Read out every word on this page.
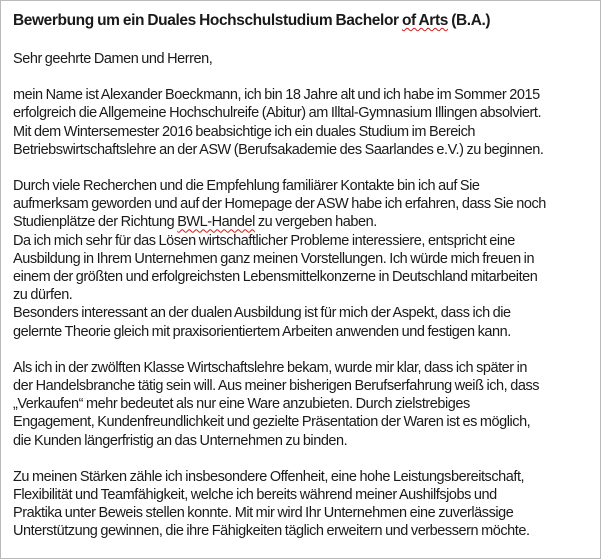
Bewerbung um ein Duales Hochschulstudium Bachelor of Arts (B.A.)
Sehr geehrte Damen und Herren,
mein Name ist Alexander Boeckmann, ich bin 18 Jahre alt und ich habe im Sommer 2015
erfolgreich die Allgemeine Hochschulreife (Abitur) am Illtal-Gymnasium Illingen absolviert.
Mit dem Wintersemester 2016 beabsichtige ich ein duales Studium im Bereich
Betriebswirtschaftslehre an der ASW (Berufsakademie des Saarlandes e.V.) zu beginnen.
Durch viele Recherchen und die Empfehlung familiärer Kontakte bin ich auf Sie
aufmerksam geworden und auf der Homepage der ASW habe ich erfahren, dass Sie noch
Studienplätze der Richtung BWL-Handel zu vergeben haben.
Da ich mich sehr für das Lösen wirtschaftlicher Probleme interessiere, entspricht eine
Ausbildung in Ihrem Unternehmen ganz meinen Vorstellungen. Ich würde mich freuen in
einem der größten und erfolgreichsten Lebensmittelkonzerne in Deutschland mitarbeiten
zu dürfen.
Besonders interessant an der dualen Ausbildung ist für mich der Aspekt, dass ich die
gelernte Theorie gleich mit praxisorientiertem Arbeiten anwenden und festigen kann.
Als ich in der zwölften Klasse Wirtschaftslehre bekam, wurde mir klar, dass ich später in
der Handelsbranche tätig sein will. Aus meiner bisherigen Berufserfahrung weiß ich, dass
„Verkaufen“ mehr bedeutet als nur eine Ware anzubieten. Durch zielstrebiges
Engagement, Kundenfreundlichkeit und gezielte Präsentation der Waren ist es möglich,
die Kunden längerfristig an das Unternehmen zu binden.
Zu meinen Stärken zähle ich insbesondere Offenheit, eine hohe Leistungsbereitschaft,
Flexibilität und Teamfähigkeit, welche ich bereits während meiner Aushilfsjobs und
Praktika unter Beweis stellen konnte. Mit mir wird Ihr Unternehmen eine zuverlässige
Unterstützung gewinnen, die ihre Fähigkeiten täglich erweitern und verbessern möchte.
